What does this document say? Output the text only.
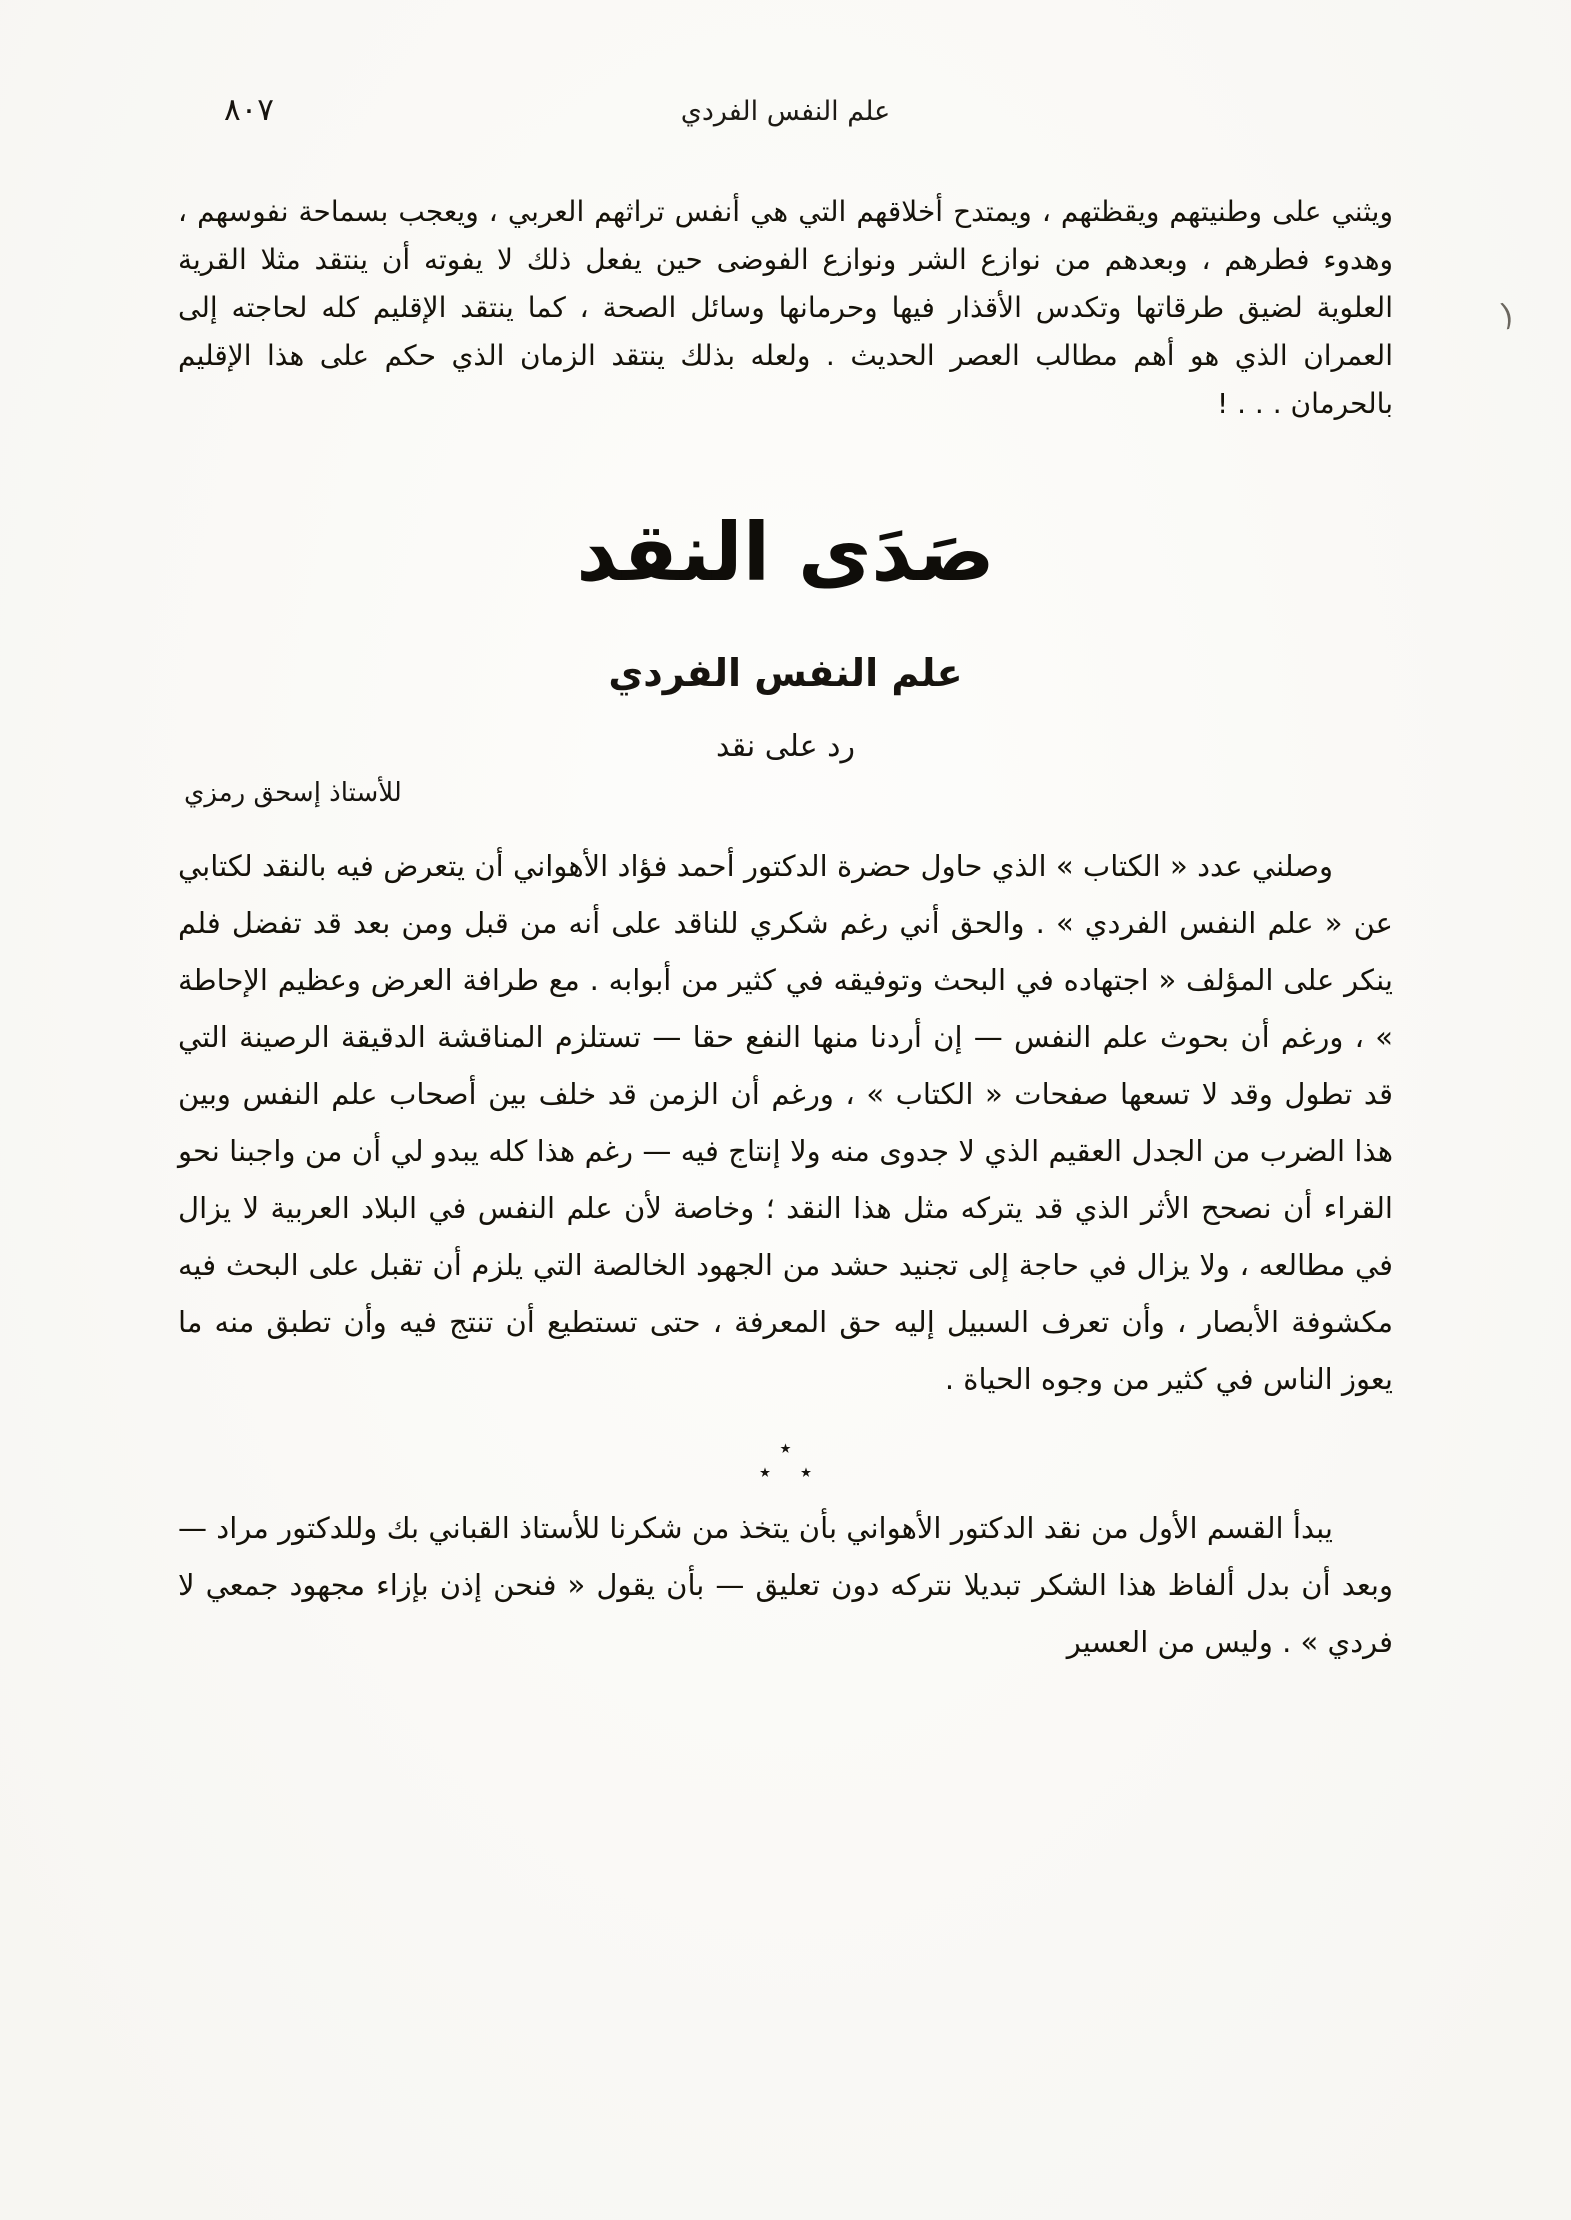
٨٠٧	علم النفس الفردي

ويثني على وطنيتهم ويقظتهم ، ويمتدح أخلاقهم التي هي أنفس تراثهم العربي ، ويعجب بسماحة نفوسهم ، وهدوء فطرهم ، وبعدهم من نوازع الشر ونوازع الفوضى حين يفعل ذلك لا يفوته أن ينتقد مثلا القرية العلوية لضيق طرقاتها وتكدس الأقذار فيها وحرمانها وسائل الصحة ، كما ينتقد الإقليم كله لحاجته إلى العمران الذي هو أهم مطالب العصر الحديث . ولعله بذلك ينتقد الزمان الذي حكم على هذا الإقليم بالحرمان . . . !

صَدَى النقد
علم النفس الفردي
رد على نقد
للأستاذ إسحق رمزي

وصلني عدد « الكتاب » الذي حاول حضرة الدكتور أحمد فؤاد الأهواني أن يتعرض فيه بالنقد لكتابي عن « علم النفس الفردي » . والحق أني رغم شكري للناقد على أنه من قبل ومن بعد قد تفضل فلم ينكر على المؤلف « اجتهاده في البحث وتوفيقه في كثير من أبوابه . مع طرافة العرض وعظيم الإحاطة » ، ورغم أن بحوث علم النفس — إن أردنا منها النفع حقا — تستلزم المناقشة الدقيقة الرصينة التي قد تطول وقد لا تسعها صفحات « الكتاب » ، ورغم أن الزمن قد خلف بين أصحاب علم النفس وبين هذا الضرب من الجدل العقيم الذي لا جدوى منه ولا إنتاج فيه — رغم هذا كله يبدو لي أن من واجبنا نحو القراء أن نصحح الأثر الذي قد يتركه مثل هذا النقد ؛ وخاصة لأن علم النفس في البلاد العربية لا يزال في مطالعه ، ولا يزال في حاجة إلى تجنيد حشد من الجهود الخالصة التي يلزم أن تقبل على البحث فيه مكشوفة الأبصار ، وأن تعرف السبيل إليه حق المعرفة ، حتى تستطيع أن تنتج فيه وأن تطبق منه ما يعوز الناس في كثير من وجوه الحياة .

٭
٭ ٭

يبدأ القسم الأول من نقد الدكتور الأهواني بأن يتخذ من شكرنا للأستاذ القباني بك وللدكتور مراد — وبعد أن بدل ألفاظ هذا الشكر تبديلا نتركه دون تعليق — بأن يقول « فنحن إذن بإزاء مجهود جمعي لا فردي » . وليس من العسير

(
